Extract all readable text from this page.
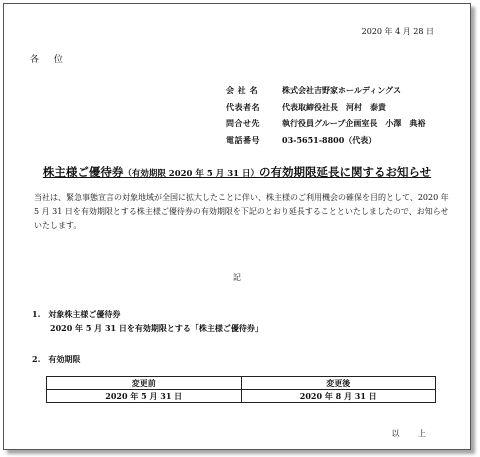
2020 年 4 月 28 日
各 位
会 社 名	株式会社吉野家ホールディングス
代表者名	代表取締役社長　河村　泰貴
問合せ先	執行役員グループ企画室長　小澤　典裕
電話番号	03-5651-8800（代表）
株主様ご優待券（有効期限 2020 年 5 月 31 日）の有効期限延長に関するお知らせ
当社は、緊急事態宣言の対象地域が全国に拡大したことに伴い、株主様のご利用機会の確保を目的として、2020 年 5 月 31 日を有効期限とする株主様ご優待券の有効期限を下記のとおり延長することといたしましたので、お知らせいたします。
記
1.　対象株主様ご優待券
2020 年 5 月 31 日を有効期限とする「株主様ご優待券」
2.　有効期限
変更前	変更後
2020 年 5 月 31 日	2020 年 8 月 31 日
以 上
